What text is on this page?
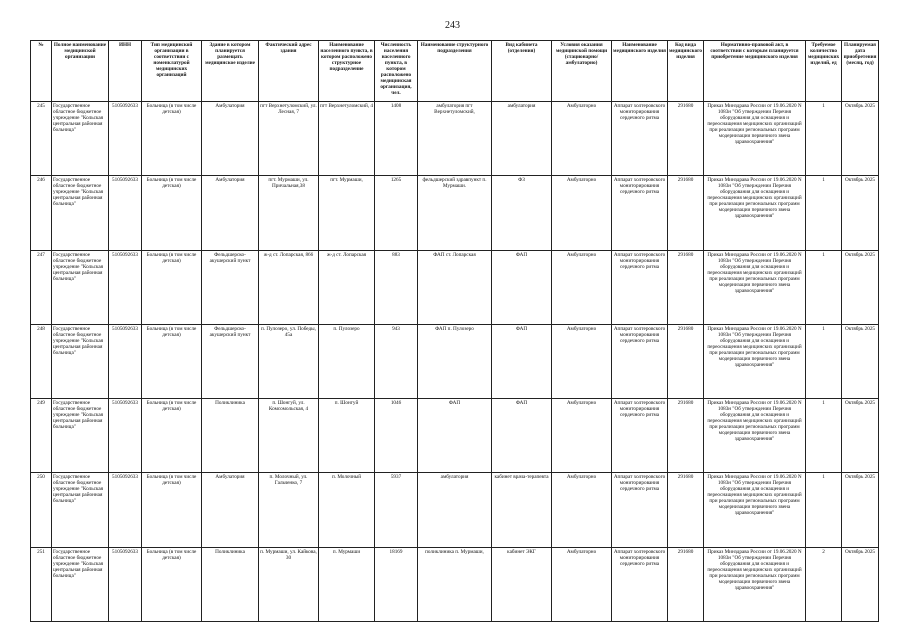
243
№	Полное наименование медицинской организации	ИНН	Тип медицинской организации в соответствии с номенклатурой медицинских организаций	Здание в котором планируется размещать медицинское изделие	Фактический адрес здания	Наименование населенного пункта, в котором расположено структурное подразделение	Численность населения населенного пункта, в котором расположено медицинская организация, чел.	Наименование структурного подразделения	Вид кабинета (отделения)	Условия оказания медицинской помощи (стационарно/амбулаторно)	Наименование медицинского изделия	Код вида медицинского изделия	Нормативно-правовой акт, в соответствии с которым планируется приобретение медицинского изделия	Требуемое количество медицинских изделий, ед	Планируемая дата приобретения (месяц, год)
245	Государственное областное бюджетное учреждение "Кольская центральная районная больница"	5105092633	Больница (в том числе детская)	Амбулатория	пгт Верхнетуломский, ул. Лесная, 7	пгт Верхнетуломский, 4	1408	амбулатория пгт Верхнетуломский,	амбулатория	Амбулаторно	Аппарат холтеровского мониторирования сердечного ритма	291680	Приказ Минздрава России от 19.06.2020 N 1083н "Об утверждении Перечня оборудования для оснащения и переоснащения медицинских организаций при реализации региональных программ модернизации первичного звена здравоохранения"	1	Октябрь 2025
246	Государственное областное бюджетное учреждение "Кольская центральная районная больница"	5105092633	Больница (в том числе детская)	Амбулатория	пгт. Мурмаши, ул. Причальная,38	пгт. Мурмаши,	1265	фельдшерский здравпункт п. Мурмаши.	ФЗ	Амбулаторно	Аппарат холтеровского мониторирования сердечного ритма	291680	Приказ Минздрава России от 19.06.2020 N 1083н "Об утверждении Перечня оборудования для оснащения и переоснащения медицинских организаций при реализации региональных программ модернизации первичного звена здравоохранения"	1	Октябрь 2025
247	Государственное областное бюджетное учреждение "Кольская центральная районная больница"	5105092633	Больница (в том числе детская)	Фельдшерско-акушерский пункт	ж-д ст. Лопарская, 866	ж-д ст. Лопарская	883	ФАП ст. Лопарская	ФАП	Амбулаторно	Аппарат холтеровского мониторирования сердечного ритма	291680	Приказ Минздрава России от 19.06.2020 N 1083н "Об утверждении Перечня оборудования для оснащения и переоснащения медицинских организаций при реализации региональных программ модернизации первичного звена здравоохранения"	1	Октябрь 2025
248	Государственное областное бюджетное учреждение "Кольская центральная районная больница"	5105092633	Больница (в том числе детская)	Фельдшерско-акушерский пункт	п. Пулозеро, ул. Победы, 45а	п. Пулозеро	943	ФАП п. Пулозеро	ФАП	Амбулаторно	Аппарат холтеровского мониторирования сердечного ритма	291680	Приказ Минздрава России от 19.06.2020 N 1083н "Об утверждении Перечня оборудования для оснащения и переоснащения медицинских организаций при реализации региональных программ модернизации первичного звена здравоохранения"	1	Октябрь 2025
249	Государственное областное бюджетное учреждение "Кольская центральная районная больница"	5105092633	Больница (в том числе детская)	Поликлиника	п. Шонгуй, ул. Комсомольская, 4	п. Шонгуй	1046	ФАП	ФАП	Амбулаторно	Аппарат холтеровского мониторирования сердечного ритма	291680	Приказ Минздрава России от 19.06.2020 N 1083н "Об утверждении Перечня оборудования для оснащения и переоснащения медицинских организаций при реализации региональных программ модернизации первичного звена здравоохранения"	1	Октябрь 2025
250	Государственное областное бюджетное учреждение "Кольская центральная районная больница"	5105092633	Больница (в том числе детская)	Амбулатория	п. Молочный, ул. Гальченко, 7	п. Молочный	5937	амбулатория	кабинет врача-терапевта	Амбулаторно	Аппарат холтеровского мониторирования сердечного ритма	291680	Приказ Минздрава России от 19.06.2020 N 1083н "Об утверждении Перечня оборудования для оснащения и переоснащения медицинских организаций при реализации региональных программ модернизации первичного звена здравоохранения"	1	Октябрь 2025
251	Государственное областное бюджетное учреждение "Кольская центральная районная больница"	5105092633	Больница (в том числе детская)	Поликлиника	п. Мурмаши, ул. Кайкова, 30	п. Мурмаши	18169	поликлиника п. Мурмаши,	кабинет ЭКГ	Амбулаторно	Аппарат холтеровского мониторирования сердечного ритма	291680	Приказ Минздрава России от 19.06.2020 N 1083н "Об утверждении Перечня оборудования для оснащения и переоснащения медицинских организаций при реализации региональных программ модернизации первичного звена здравоохранения"	2	Октябрь 2025
